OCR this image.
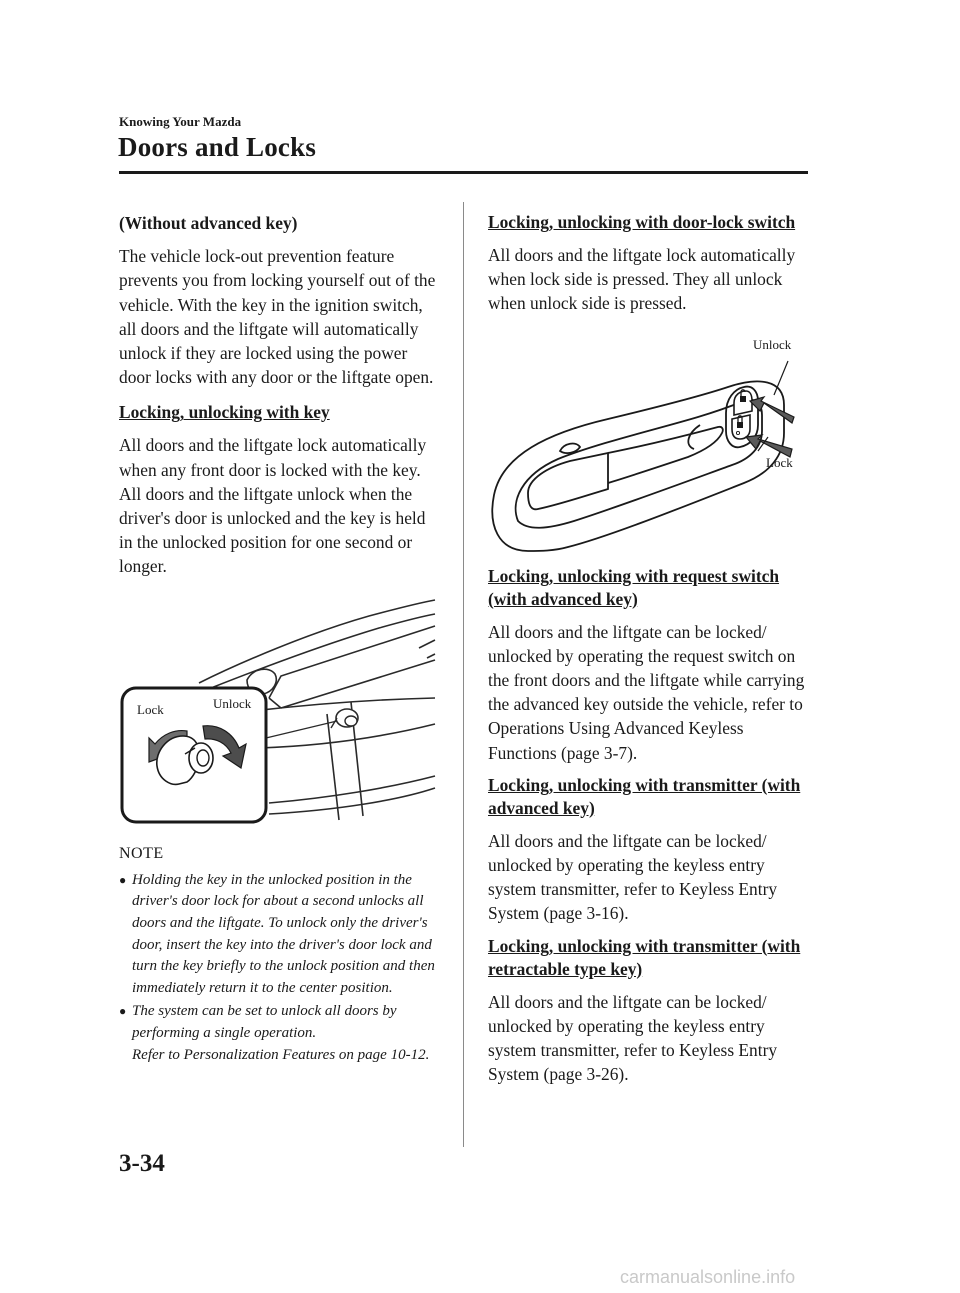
Knowing Your Mazda
Doors and Locks

(Without advanced key)

The vehicle lock-out prevention feature prevents you from locking yourself out of the vehicle. With the key in the ignition switch, all doors and the liftgate will automatically unlock if they are locked using the power door locks with any door or the liftgate open.

Locking, unlocking with key

All doors and the liftgate lock automatically when any front door is locked with the key.
All doors and the liftgate unlock when the driver's door is unlocked and the key is held in the unlocked position for one second or longer.

Lock	Unlock
NOTE
● Holding the key in the unlocked position in the driver's door lock for about a second unlocks all doors and the liftgate. To unlock only the driver's door, insert the key into the driver's door lock and turn the key briefly to the unlock position and then immediately return it to the center position.
● The system can be set to unlock all doors by performing a single operation.
Refer to Personalization Features on page 10-12.

Locking, unlocking with door-lock switch

All doors and the liftgate lock automatically when lock side is pressed. They all unlock when unlock side is pressed.

Unlock
Lock

Locking, unlocking with request switch (with advanced key)

All doors and the liftgate can be locked/ unlocked by operating the request switch on the front doors and the liftgate while carrying the advanced key outside the vehicle, refer to Operations Using Advanced Keyless Functions (page 3-7).

Locking, unlocking with transmitter (with advanced key)

All doors and the liftgate can be locked/ unlocked by operating the keyless entry system transmitter, refer to Keyless Entry System (page 3-16).

Locking, unlocking with transmitter (with retractable type key)

All doors and the liftgate can be locked/ unlocked by operating the keyless entry system transmitter, refer to Keyless Entry System (page 3-26).

3-34
carmanualsonline.info
